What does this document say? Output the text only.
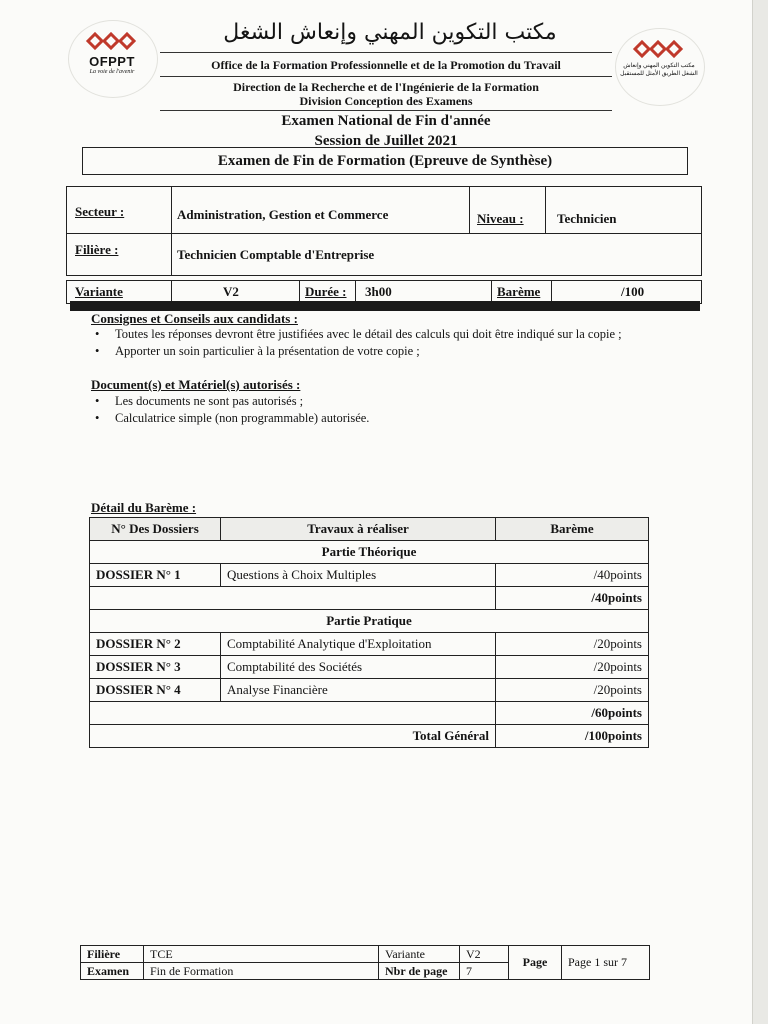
OFPPT
La voie de l'avenir
مكتب التكوين المهني وإنعاش الشغل الطريق الأمثل للمستقبل
مكتب التكوين المهني وإنعاش الشغل
Office de la Formation Professionnelle et de la Promotion du Travail
Direction de la Recherche et de l'Ingénierie de la Formation
Division Conception des Examens
Examen National de Fin d'année
Session de Juillet 2021
Examen de Fin de Formation (Epreuve de Synthèse)
Secteur :	Administration, Gestion et Commerce	Niveau :	Technicien
Filière :	Technicien Comptable d'Entreprise
Variante	V2	Durée : 3h00	Barème	/100
Consignes et Conseils aux candidats :
• Toutes les réponses devront être justifiées avec le détail des calculs qui doit être indiqué sur la copie ;
• Apporter un soin particulier à la présentation de votre copie ;
Document(s) et Matériel(s) autorisés :
• Les documents ne sont pas autorisés ;
• Calculatrice simple (non programmable) autorisée.
Détail du Barème :
N° Des Dossiers	Travaux à réaliser	Barème
Partie Théorique		
DOSSIER N° 1	Questions à Choix Multiples	/40points
		/40points
Partie Pratique		
DOSSIER N° 2	Comptabilité Analytique d'Exploitation	/20points
DOSSIER N° 3	Comptabilité des Sociétés	/20points
DOSSIER N° 4	Analyse Financière	/20points
		/60points
Total Général		/100points
Filière	TCE	Variante	V2	Page	Page 1 sur 7
Examen	Fin de Formation	Nbr de page	7		
